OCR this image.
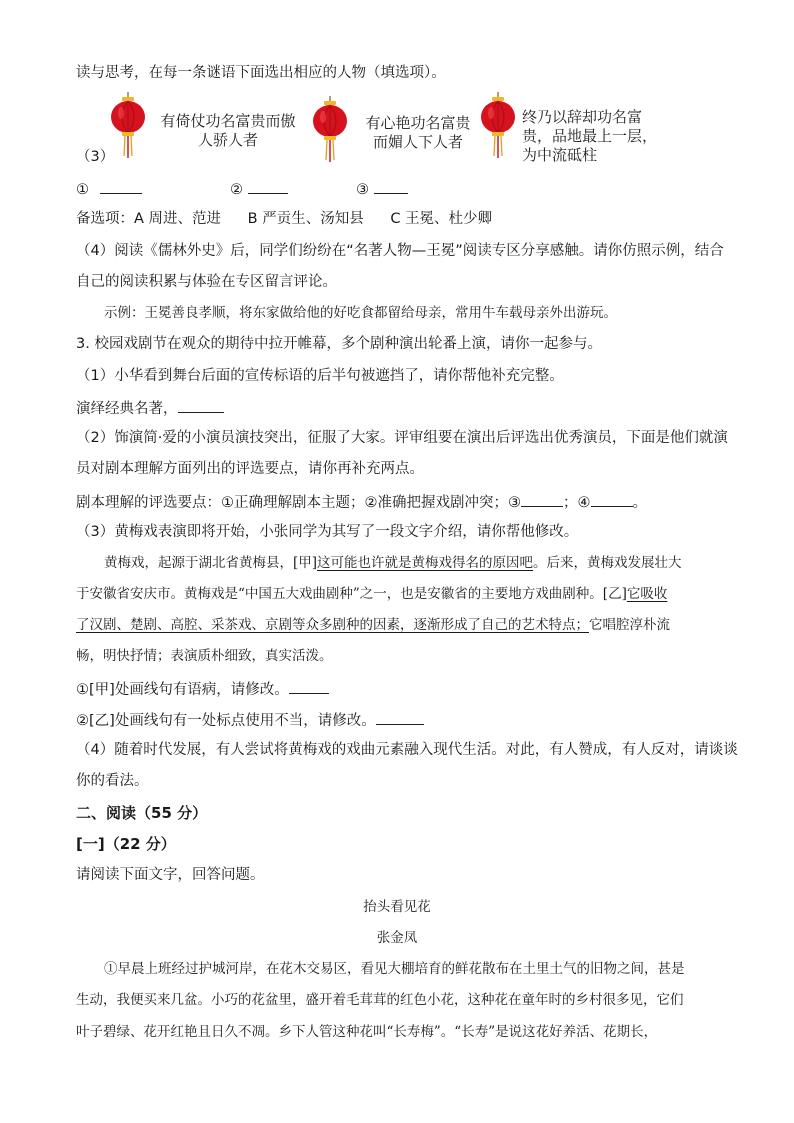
读与思考，在每一条谜语下面选出相应的人物（填选项）。
有倚仗功名富贵而傲
人骄人者
有心艳功名富贵
而媚人下人者
终乃以辞却功名富
贵，品地最上一层，
为中流砥柱
（3）
①	②	③
备选项：A 周进、范进 B 严贡生、汤知县 C 王冕、杜少卿
（4）阅读《儒林外史》后，同学们纷纷在“名著人物—王冕”阅读专区分享感触。请你仿照示例，结合
自己的阅读积累与体验在专区留言评论。
示例：王冕善良孝顺，将东家做给他的好吃食都留给母亲，常用牛车载母亲外出游玩。
3. 校园戏剧节在观众的期待中拉开帷幕，多个剧种演出轮番上演，请你一起参与。
（1）小华看到舞台后面的宣传标语的后半句被遮挡了，请你帮他补充完整。
演绎经典名著，
（2）饰演简·爱的小演员演技突出，征服了大家。评审组要在演出后评选出优秀演员，下面是他们就演
员对剧本理解方面列出的评选要点，请你再补充两点。
剧本理解的评选要点：①正确理解剧本主题；②准确把握戏剧冲突；③	；④	。
（3）黄梅戏表演即将开始，小张同学为其写了一段文字介绍，请你帮他修改。
黄梅戏，起源于湖北省黄梅县，[甲]这可能也许就是黄梅戏得名的原因吧。后来，黄梅戏发展壮大
于安徽省安庆市。黄梅戏是“中国五大戏曲剧种”之一，也是安徽省的主要地方戏曲剧种。[乙]它吸收
了汉剧、楚剧、高腔、采茶戏、京剧等众多剧种的因素，逐渐形成了自己的艺术特点；它唱腔淳朴流
畅，明快抒情；表演质朴细致，真实活泼。
①[甲]处画线句有语病，请修改。
②[乙]处画线句有一处标点使用不当，请修改。
（4）随着时代发展，有人尝试将黄梅戏的戏曲元素融入现代生活。对此，有人赞成，有人反对，请谈谈
你的看法。
二、阅读（55 分）
[一]（22 分）
请阅读下面文字，回答问题。
抬头看见花
张金凤
①早晨上班经过护城河岸，在花木交易区，看见大棚培育的鲜花散布在土里土气的旧物之间，甚是
生动，我便买来几盆。小巧的花盆里，盛开着毛茸茸的红色小花，这种花在童年时的乡村很多见，它们
叶子碧绿、花开红艳且日久不凋。乡下人管这种花叫“长寿梅”。“长寿”是说这花好养活、花期长，
